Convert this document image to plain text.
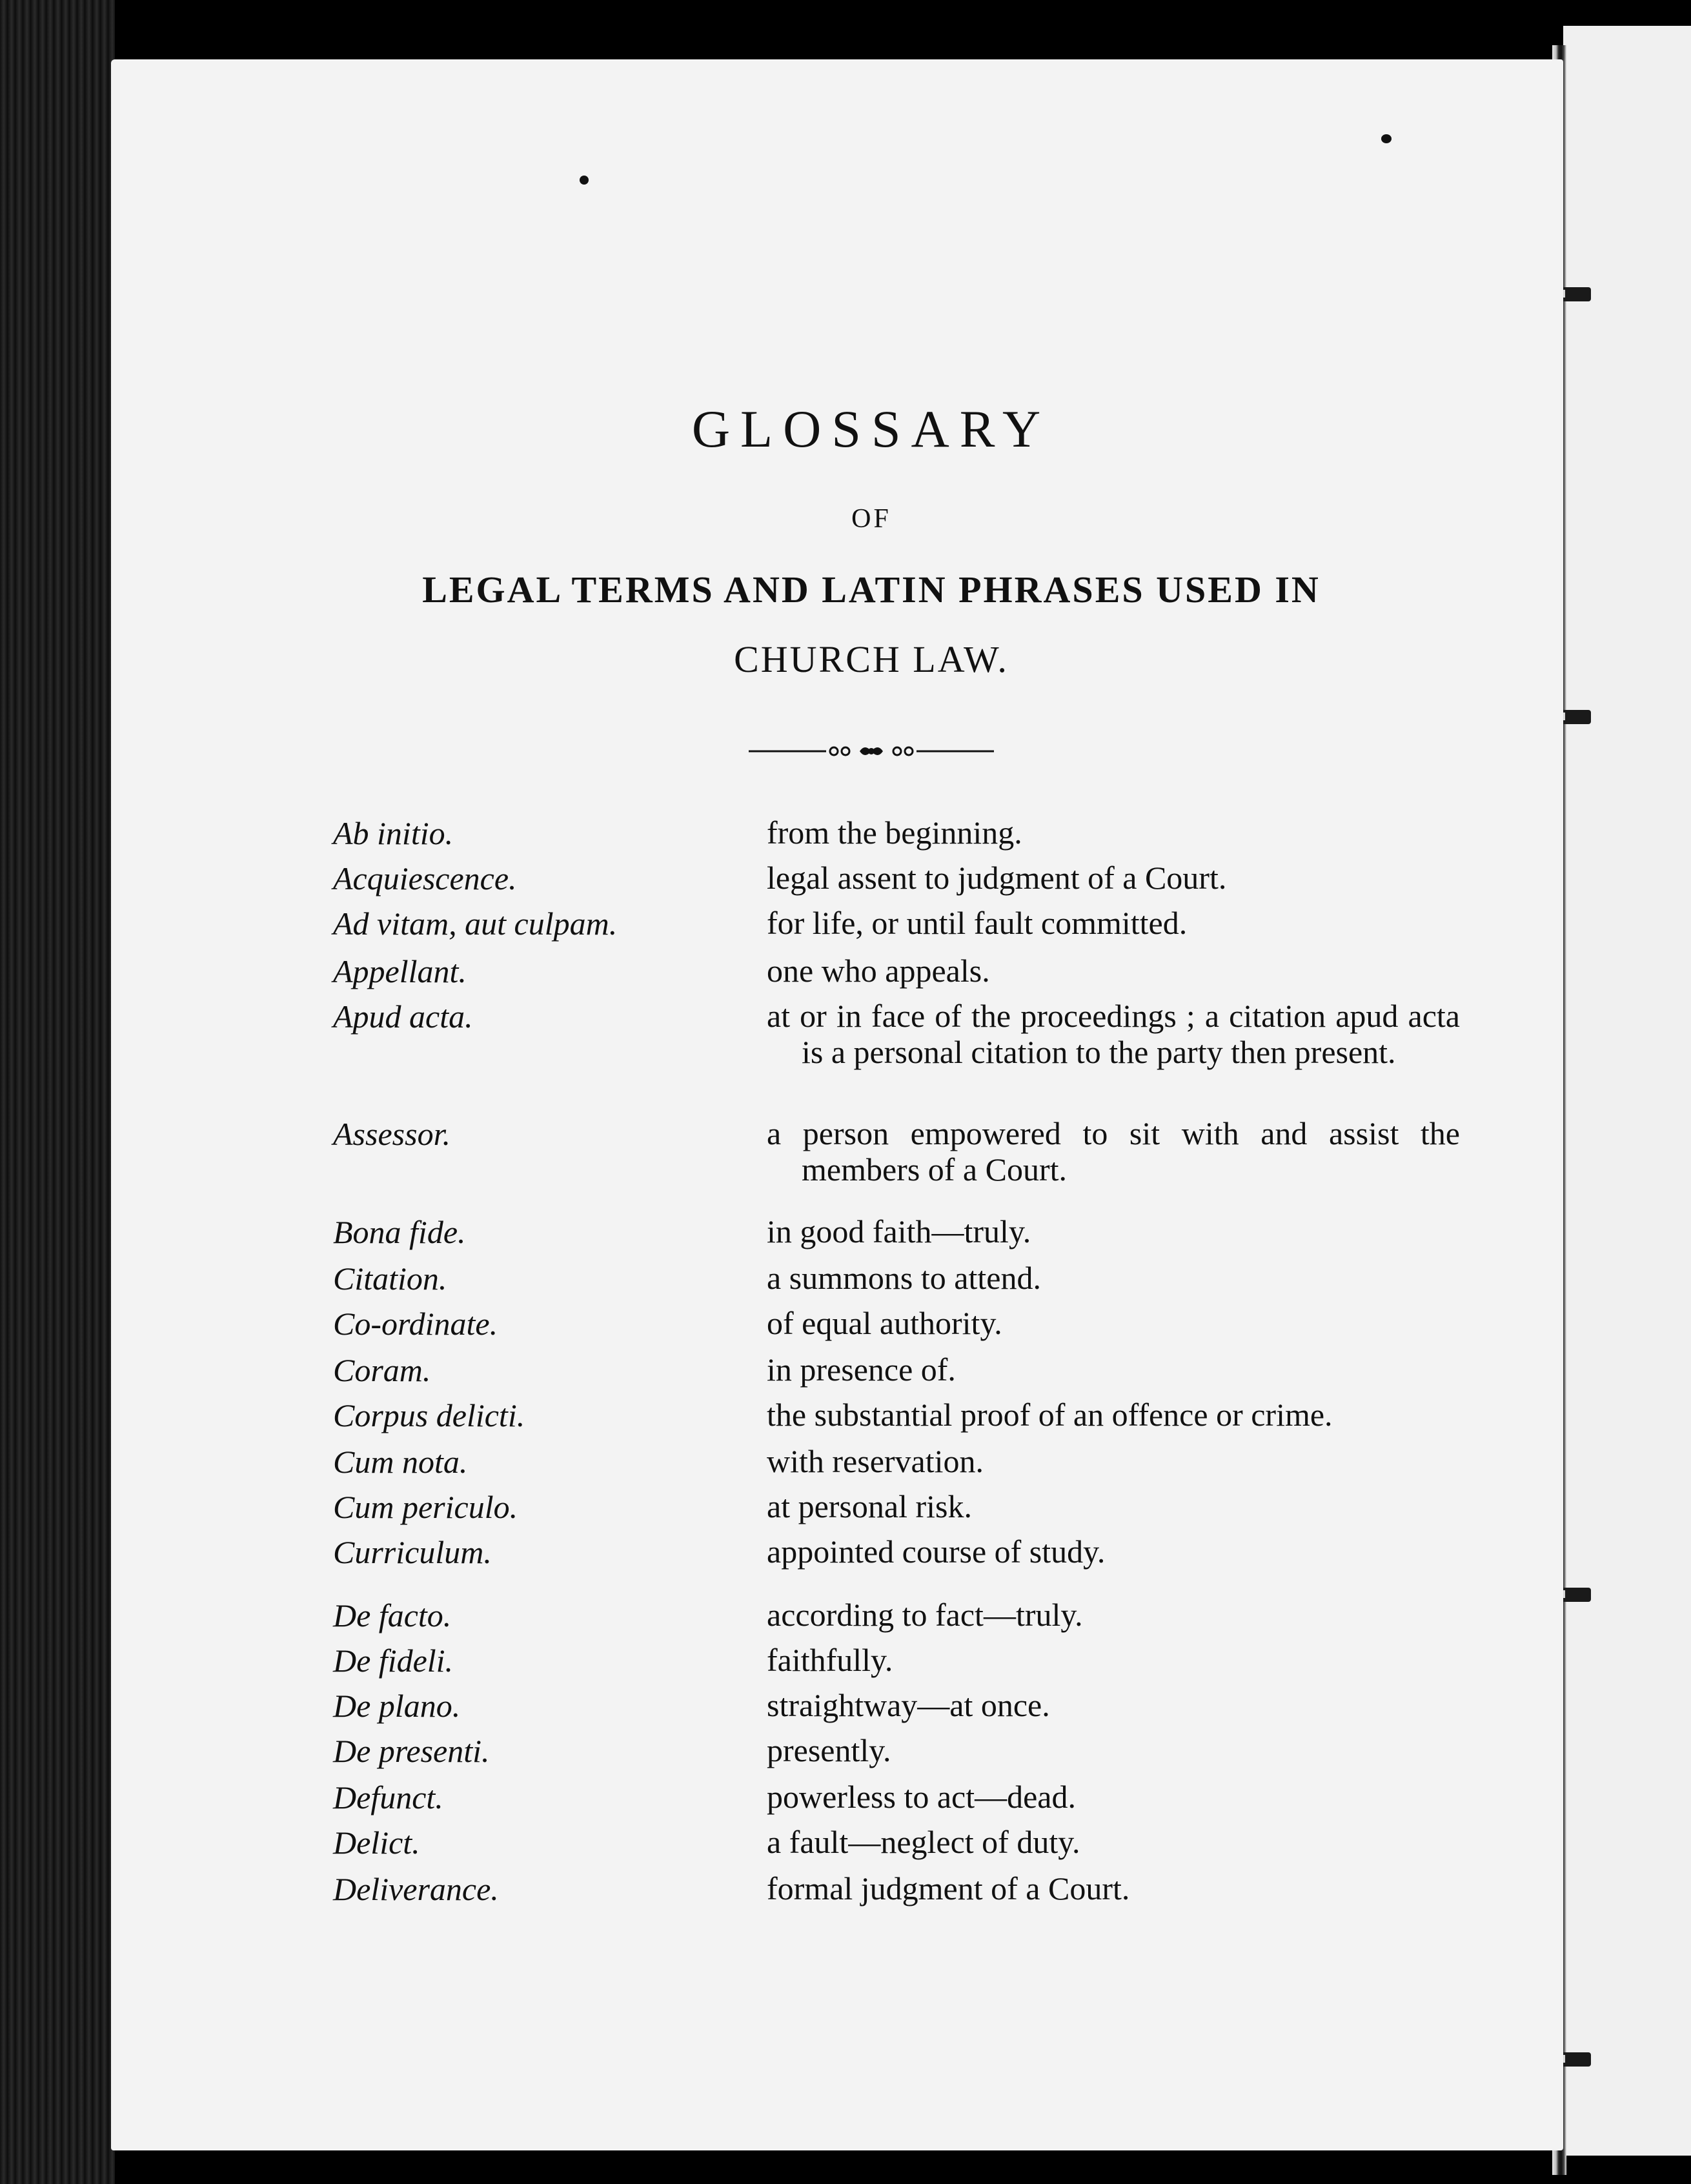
GLOSSARY
OF
LEGAL TERMS AND LATIN PHRASES USED IN
CHURCH LAW.
Ab initio.	from the beginning.
Acquiescence.	legal assent to judgment of a Court.
Ad vitam, aut culpam.	for life, or until fault committed.
Appellant.	one who appeals.
Apud acta.	at or in face of the proceedings ; a citation apud acta is a personal citation to the party then present.
Assessor.	a person empowered to sit with and assist the members of a Court.
Bona fide.	in good faith—truly.
Citation.	a summons to attend.
Co-ordinate.	of equal authority.
Coram.	in presence of.
Corpus delicti.	the substantial proof of an offence or crime.
Cum nota.	with reservation.
Cum periculo.	at personal risk.
Curriculum.	appointed course of study.
De facto.	according to fact—truly.
De fideli.	faithfully.
De plano.	straightway—at once.
De presenti.	presently.
Defunct.	powerless to act—dead.
Delict.	a fault—neglect of duty.
Deliverance.	formal judgment of a Court.
